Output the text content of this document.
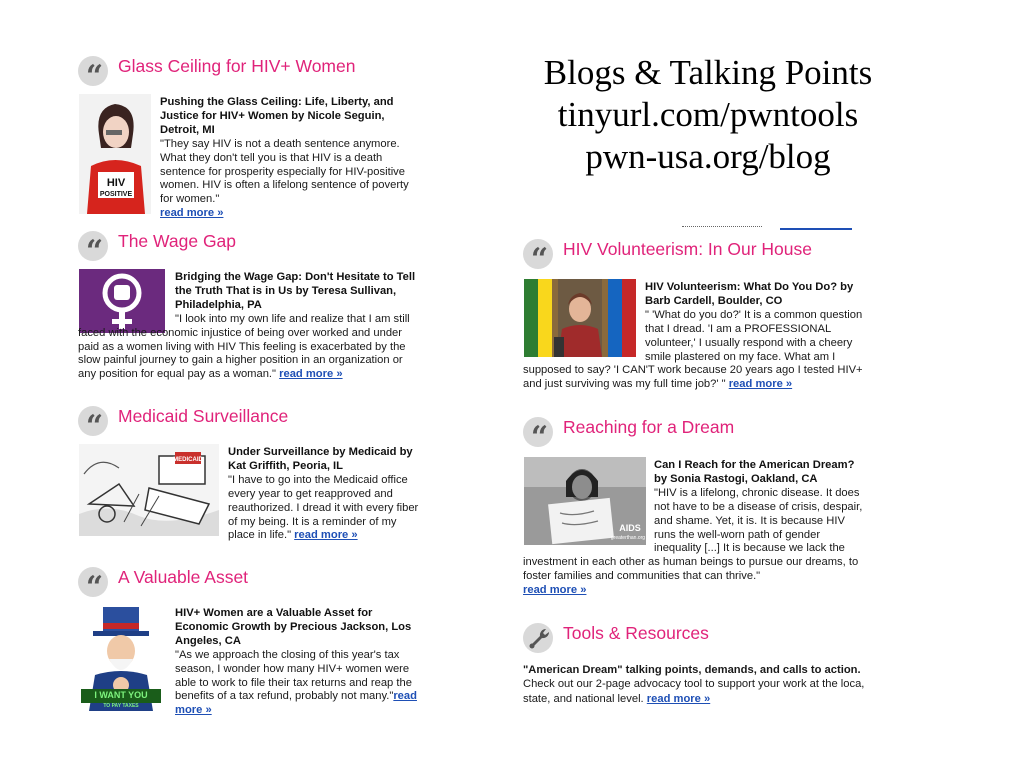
Blogs & Talking Points
tinyurl.com/pwntools
pwn-usa.org/blog
“	Glass Ceiling for HIV+ Women
HIV
POSITIVE
Pushing the Glass Ceiling: Life, Liberty, and Justice for HIV+ Women by Nicole Seguin, Detroit, MI
"They say HIV is not a death sentence anymore. What they don't tell you is that HIV is a death sentence for prosperity especially for HIV-positive women. HIV is often a lifelong sentence of poverty for women."
read more »
“	The Wage Gap
Bridging the Wage Gap: Don't Hesitate to Tell the Truth That is in Us by Teresa Sullivan, Philadelphia, PA
"I look into my own life and realize that I am still faced with the economic injustice of being over worked and under paid as a women living with HIV This feeling is exacerbated by the slow painful journey to gain a higher position in an organization or any position for equal pay as a woman." read more »
“	Medicaid Surveillance
MEDICAID
Under Surveillance by Medicaid by Kat Griffith, Peoria, IL
"I have to go into the Medicaid office every year to get reapproved and reauthorized. I dread it with every fiber of my being. It is a reminder of my place in life." read more »
“	A Valuable Asset
I WANT YOU
TO PAY TAXES
HIV+ Women are a Valuable Asset for Economic Growth by Precious Jackson, Los Angeles, CA
"As we approach the closing of this year's tax season, I wonder how many HIV+ women were able to work to file their tax returns and reap the benefits of a tax refund, probably not many."read more »
“	HIV Volunteerism: In Our House
HIV Volunteerism: What Do You Do? by Barb Cardell, Boulder, CO
" 'What do you do?' It is a common question that I dread. 'I am a PROFESSIONAL volunteer,' I usually respond with a cheery smile plastered on my face. What am I supposed to say? 'I CAN'T work because 20 years ago I tested HIV+ and just surviving was my full time job?' " read more »
“	Reaching for a Dream
AIDS
greaterthan.org
Can I Reach for the American Dream? by Sonia Rastogi, Oakland, CA
"HIV is a lifelong, chronic disease. It does not have to be a disease of crisis, despair, and shame. Yet, it is. It is because HIV runs the well-worn path of gender inequality [...] It is because we lack the investment in each other as human beings to pursue our dreams, to foster families and communities that can thrive."
read more »
Tools & Resources
"American Dream" talking points, demands, and calls to action. Check out our 2-page advocacy tool to support your work at the loca, state, and national level. read more »
